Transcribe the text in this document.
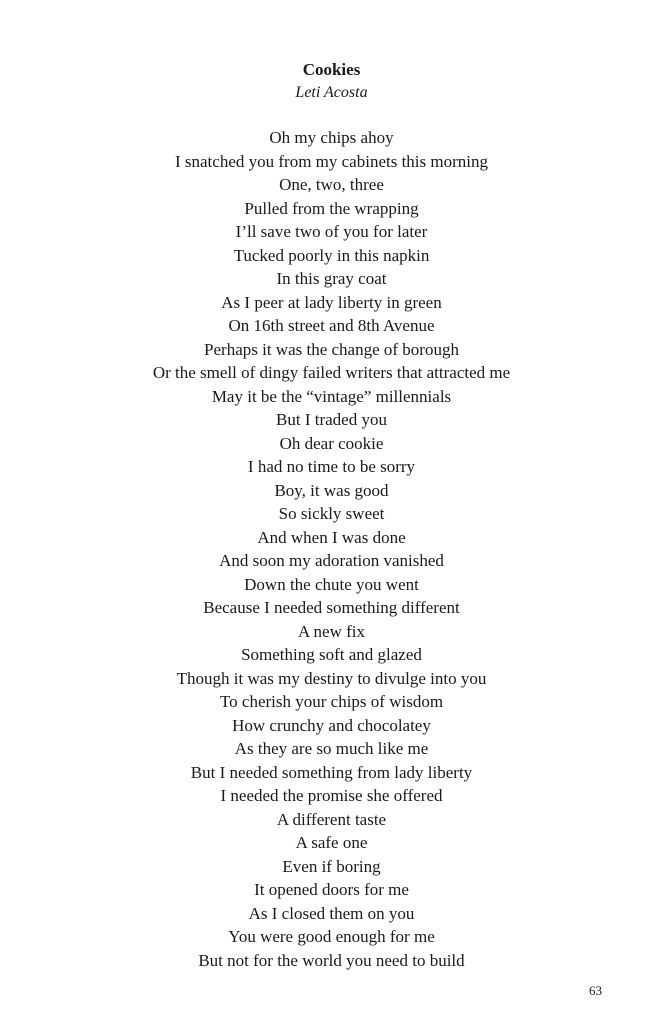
Cookies
Leti Acosta
Oh my chips ahoy
I snatched you from my cabinets this morning
One, two, three
Pulled from the wrapping
I’ll save two of you for later
Tucked poorly in this napkin
In this gray coat
As I peer at lady liberty in green
On 16th street and 8th Avenue
Perhaps it was the change of borough
Or the smell of dingy failed writers that attracted me
May it be the “vintage” millennials
But I traded you
Oh dear cookie
I had no time to be sorry
Boy, it was good
So sickly sweet
And when I was done
And soon my adoration vanished
Down the chute you went
Because I needed something different
A new fix
Something soft and glazed
Though it was my destiny to divulge into you
To cherish your chips of wisdom
How crunchy and chocolatey
As they are so much like me
But I needed something from lady liberty
I needed the promise she offered
A different taste
A safe one
Even if boring
It opened doors for me
As I closed them on you
You were good enough for me
But not for the world you need to build
63
